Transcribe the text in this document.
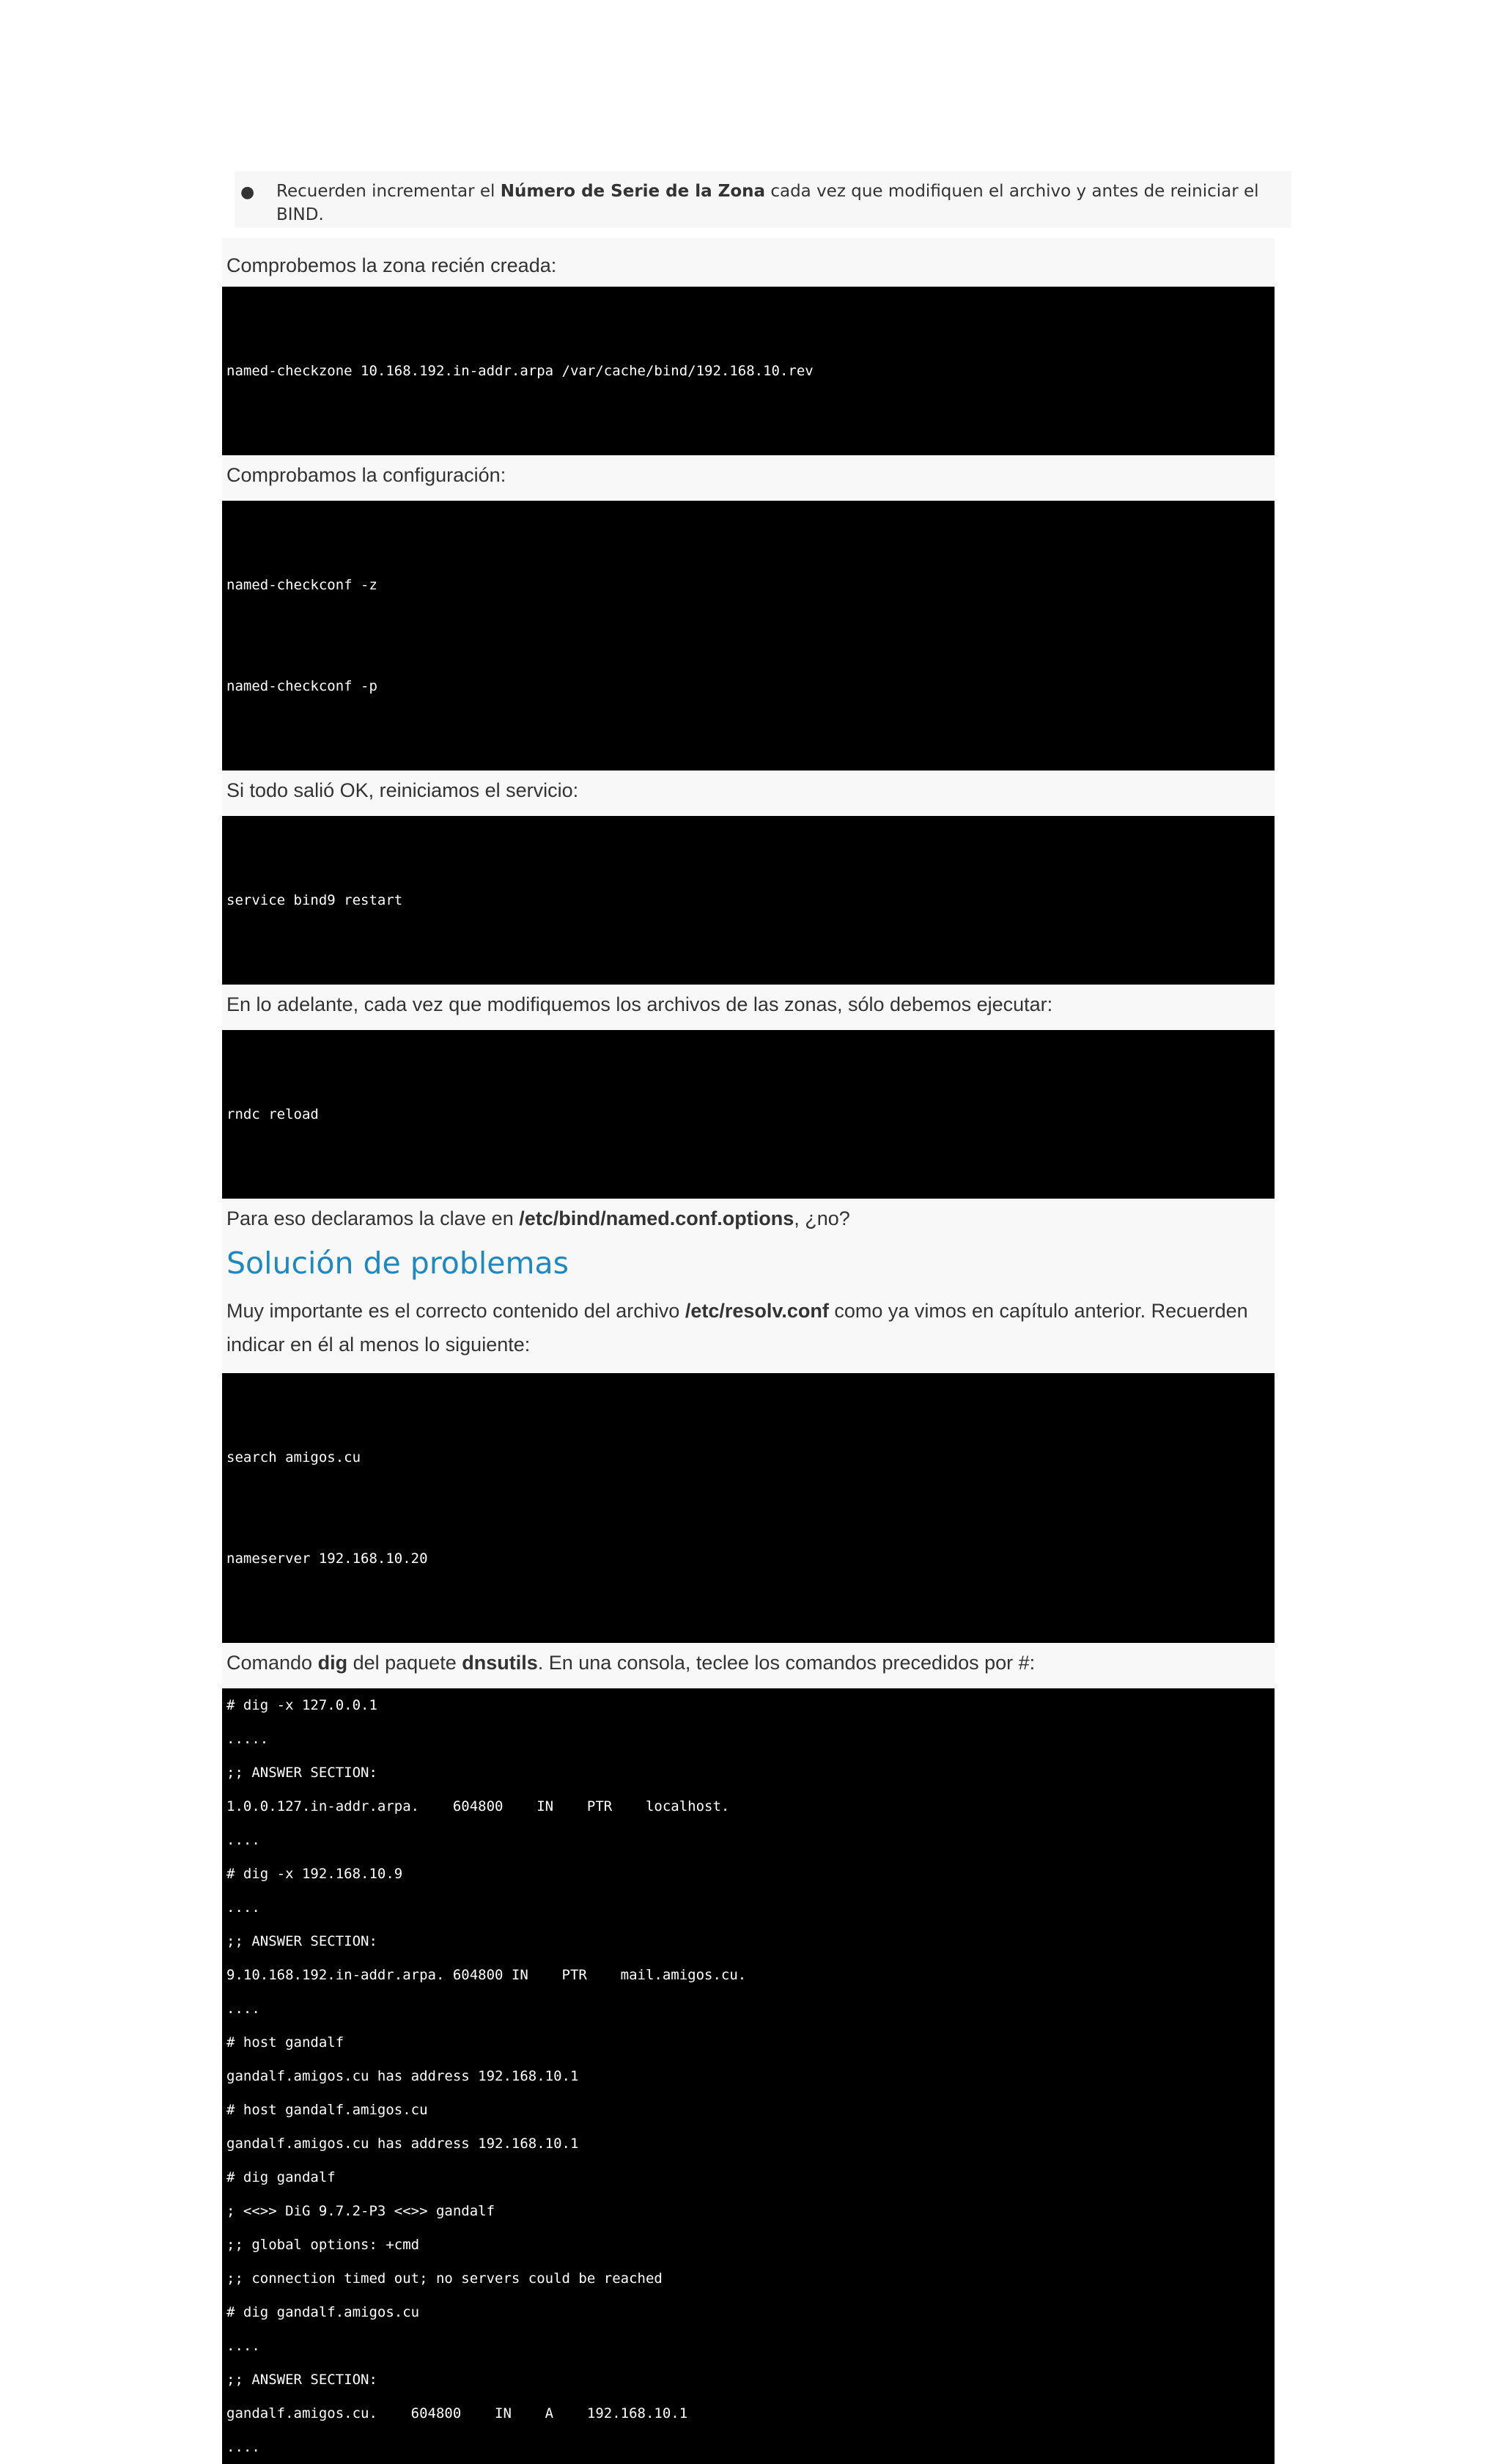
● Recuerden incrementar el Número de Serie de la Zona cada vez que modifiquen el archivo y antes de reiniciar el BIND.
Comprobemos la zona recién creada:

named-checkzone 10.168.192.in-addr.arpa /var/cache/bind/192.168.10.rev

Comprobamos la configuración:

named-checkconf -z

named-checkconf -p

Si todo salió OK, reiniciamos el servicio:

service bind9 restart

En lo adelante, cada vez que modifiquemos los archivos de las zonas, sólo debemos ejecutar:

rndc reload

Para eso declaramos la clave en /etc/bind/named.conf.options, ¿no?
Solución de problemas
Muy importante es el correcto contenido del archivo /etc/resolv.conf como ya vimos en capítulo anterior. Recuerden indicar en él al menos lo siguiente:

search amigos.cu

nameserver 192.168.10.20

Comando dig del paquete dnsutils. En una consola, teclee los comandos precedidos por #:
# dig -x 127.0.0.1
.....
;; ANSWER SECTION:
1.0.0.127.in-addr.arpa.    604800    IN    PTR    localhost.
....
# dig -x 192.168.10.9
....
;; ANSWER SECTION:
9.10.168.192.in-addr.arpa. 604800 IN    PTR    mail.amigos.cu.
....
# host gandalf
gandalf.amigos.cu has address 192.168.10.1
# host gandalf.amigos.cu
gandalf.amigos.cu has address 192.168.10.1
# dig gandalf
; <<>> DiG 9.7.2-P3 <<>> gandalf
;; global options: +cmd
;; connection timed out; no servers could be reached
# dig gandalf.amigos.cu
....
;; ANSWER SECTION:
gandalf.amigos.cu.    604800    IN    A    192.168.10.1
....
